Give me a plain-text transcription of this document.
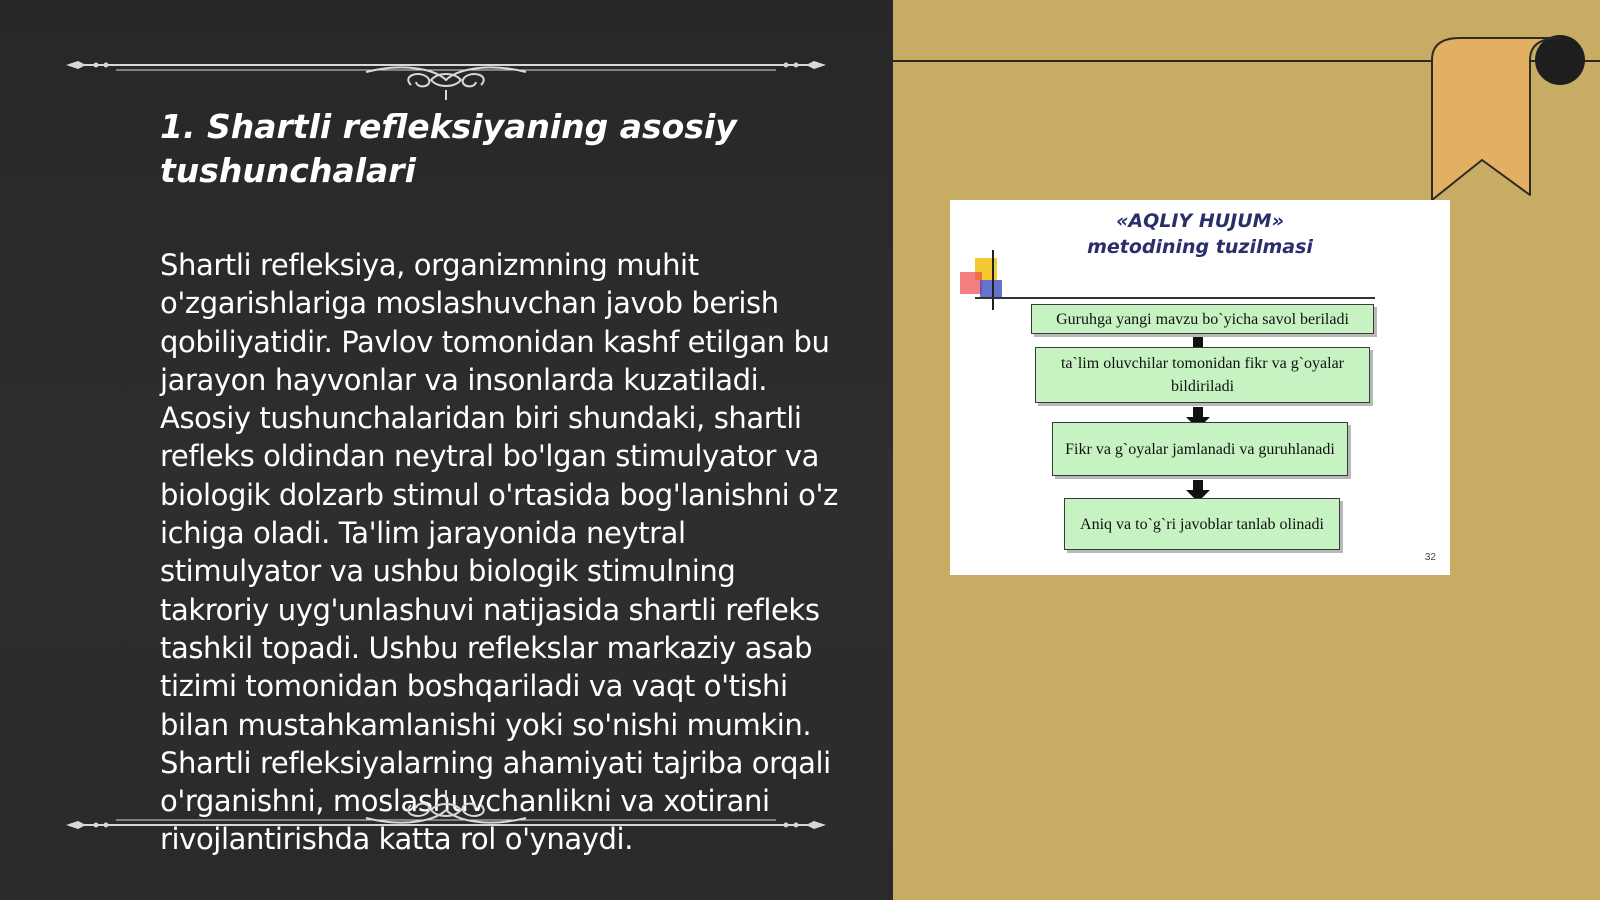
1. Shartli refleksiyaning asosiy tushunchalari

Shartli refleksiya, organizmning muhit o'zgarishlariga moslashuvchan javob berish qobiliyatidir. Pavlov tomonidan kashf etilgan bu jarayon hayvonlar va insonlarda kuzatiladi. Asosiy tushunchalaridan biri shundaki, shartli refleks oldindan neytral bo'lgan stimulyator va biologik dolzarb stimul o'rtasida bog'lanishni o'z ichiga oladi. Ta'lim jarayonida neytral stimulyator va ushbu biologik stimulning takroriy uyg'unlashuvi natijasida shartli refleks tashkil topadi. Ushbu reflekslar markaziy asab tizimi tomonidan boshqariladi va vaqt o'tishi bilan mustahkamlanishi yoki so'nishi mumkin. Shartli refleksiyalarning ahamiyati tajriba orqali o'rganishni, moslashuvchanlikni va xotirani rivojlantirishda katta rol o'ynaydi.

«AQLIY HUJUM»
metodining tuzilmasi
Guruhga yangi mavzu bo`yicha savol beriladi
ta`lim oluvchilar tomonidan fikr va g`oyalar bildiriladi
Fikr va g`oyalar jamlanadi va guruhlanadi
Aniq va to`g`ri javoblar tanlab olinadi
32
